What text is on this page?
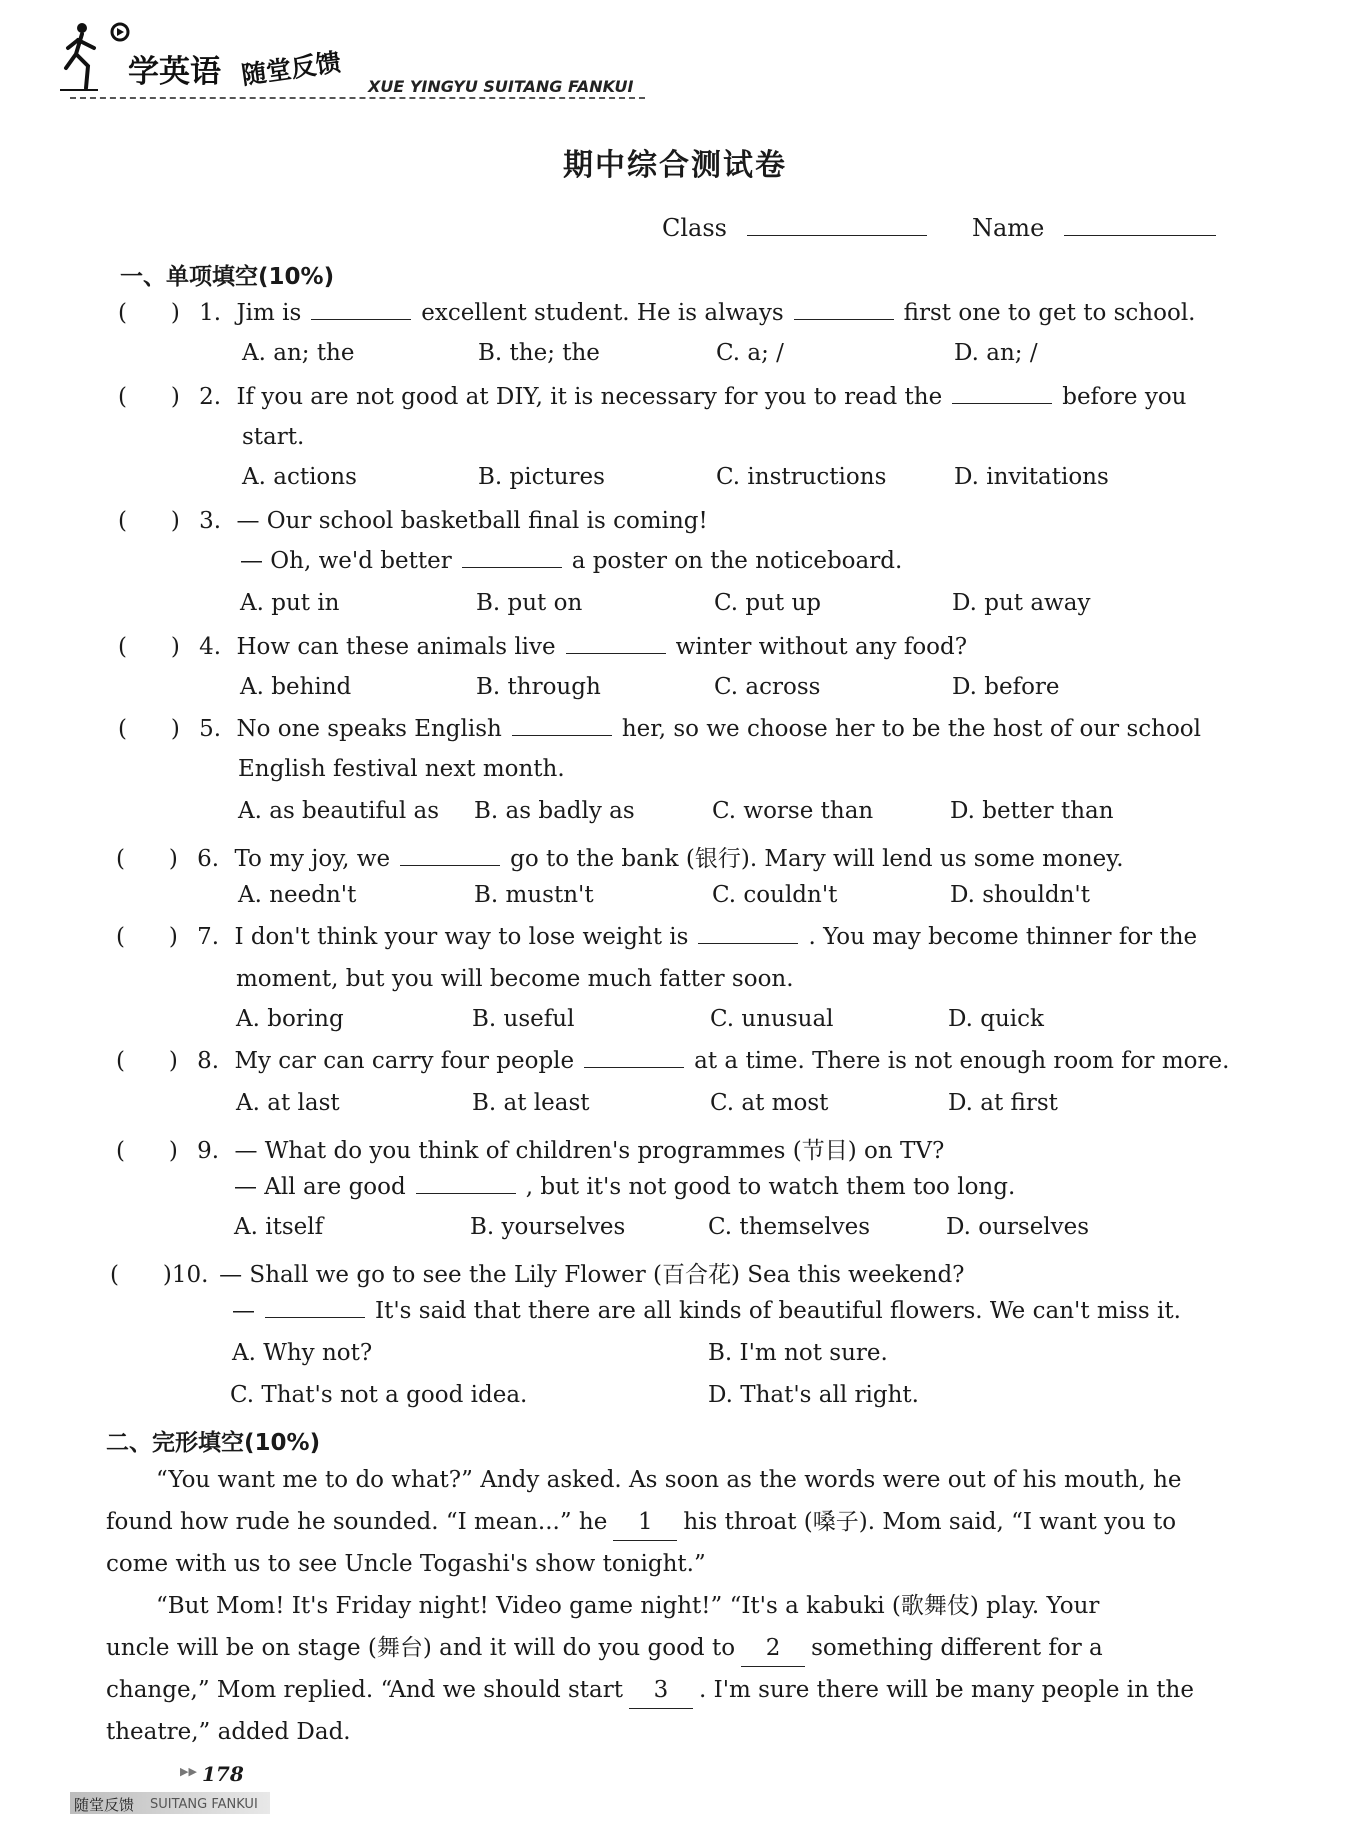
学英语 随堂反馈 XUE YINGYU SUITANG FANKUI
期中综合测试卷
Class	Name
一、单项填空(10%)
(      ) 1. Jim is	excellent student. He is always	first one to get to school.
A. an; the	B. the; the	C. a; /	D. an; /
(      ) 2. If you are not good at DIY, it is necessary for you to read the	before you
start.
A. actions	B. pictures	C. instructions	D. invitations
(      ) 3. — Our school basketball final is coming!
— Oh, we'd better	a poster on the noticeboard.
A. put in	B. put on	C. put up	D. put away
(      ) 4. How can these animals live	winter without any food?
A. behind	B. through	C. across	D. before
(      ) 5. No one speaks English	her, so we choose her to be the host of our school
English festival next month.
A. as beautiful as B. as badly as	C. worse than	D. better than
(      ) 6. To my joy, we	go to the bank (银行). Mary will lend us some money.
A. needn't	B. mustn't	C. couldn't	D. shouldn't
(      ) 7. I don't think your way to lose weight is	. You may become thinner for the
moment, but you will become much fatter soon.
A. boring	B. useful	C. unusual	D. quick
(      ) 8. My car can carry four people	at a time. There is not enough room for more.
A. at last	B. at least	C. at most	D. at first
(      ) 9. — What do you think of children's programmes (节目) on TV?
— All are good	, but it's not good to watch them too long.
A. itself	B. yourselves	C. themselves	D. ourselves
(      )10. — Shall we go to see the Lily Flower (百合花) Sea this weekend?
—	It's said that there are all kinds of beautiful flowers. We can't miss it.
A. Why not?	B. I'm not sure.
C. That's not a good idea.	D. That's all right.
二、完形填空(10%)
“You want me to do what?” Andy asked. As soon as the words were out of his mouth, he
found how rude he sounded. “I mean...” he 1 his throat (嗓子). Mom said, “I want you to
come with us to see Uncle Togashi's show tonight.”
“But Mom! It's Friday night! Video game night!” “It's a kabuki (歌舞伎) play. Your
uncle will be on stage (舞台) and it will do you good to 2 something different for a
change,” Mom replied. “And we should start 3 . I'm sure there will be many people in the
theatre,” added Dad.
▶▶ 178
随堂反馈 SUITANG FANKUI
